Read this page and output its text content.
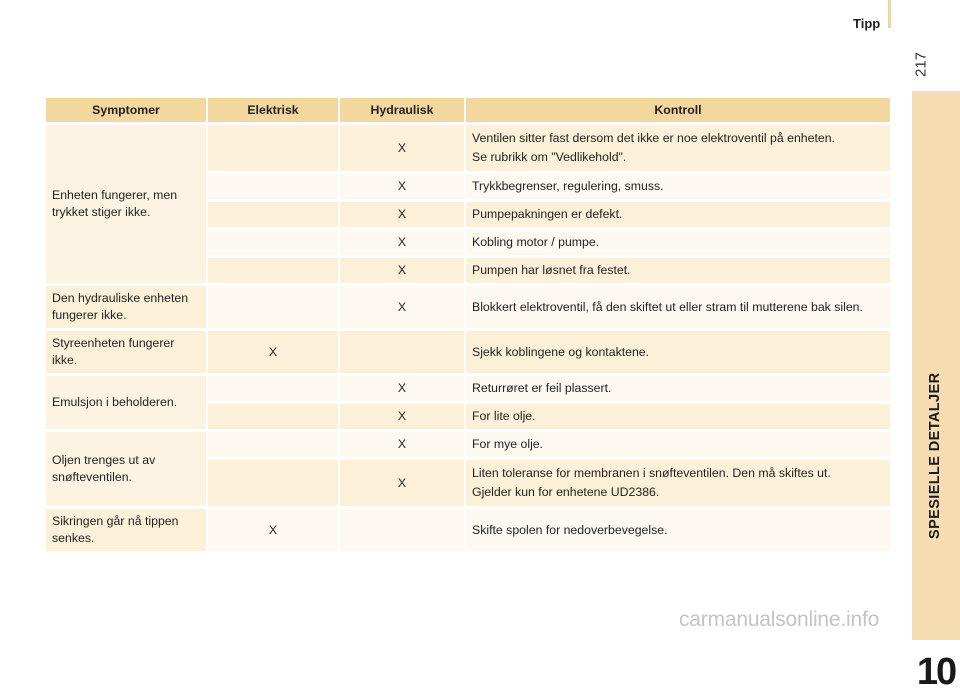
Tipp
217
SPESIELLE DETALJER
10
Symptomer	Elektrisk	Hydraulisk	Kontroll
Enheten fungerer, men trykket stiger ikke.		X	Ventilen sitter fast dersom det ikke er noe elektroventil på enheten.

Se rubrikk om "Vedlikehold".

		X	Trykkbegrenser, regulering, smuss.
		X	Pumpepakningen er defekt.
		X	Kobling motor / pumpe.
		X	Pumpen har løsnet fra festet.
Den hydrauliske enheten fungerer ikke.		X	Blokkert elektroventil, få den skiftet ut eller stram til mutterene bak silen.
Styreenheten fungerer ikke.	X		Sjekk koblingene og kontaktene.
Emulsjon i beholderen.		X	Returrøret er feil plassert.
		X	For lite olje.
Oljen trenges ut av snøfteventilen.		X	For mye olje.
		X	Liten toleranse for membranen i snøfteventilen. Den må skiftes ut.

Gjelder kun for enhetene UD2386.

Sikringen går nå tippen senkes.	X		Skifte spolen for nedoverbevegelse.
carmanualsonline.info
